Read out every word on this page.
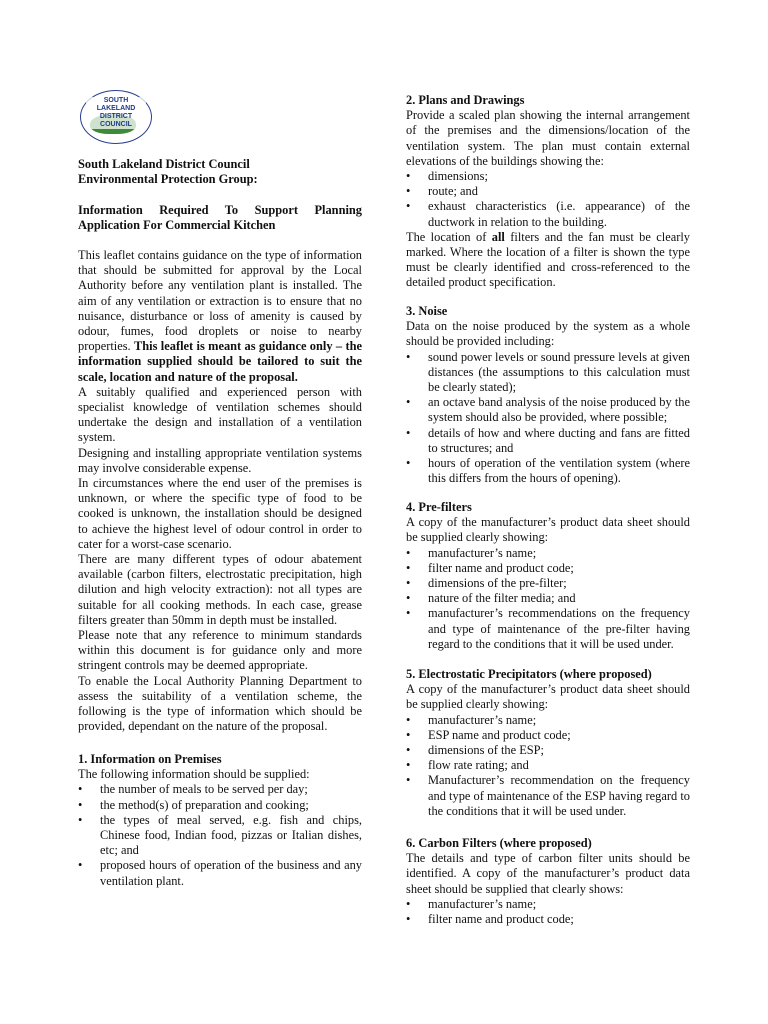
SOUTH
LAKELAND
DISTRICT
COUNCIL
South Lakeland District Council
Environmental Protection Group:
Information Required To Support Planning
Application For Commercial Kitchen

This leaflet contains guidance on the type of information that should be submitted for approval by the Local Authority before any ventilation plant is installed. The aim of any ventilation or extraction is to ensure that no nuisance, disturbance or loss of amenity is caused by odour, fumes, food droplets or noise to nearby properties. This leaflet is meant as guidance only – the information supplied should be tailored to suit the scale, location and nature of the proposal.

A suitably qualified and experienced person with specialist knowledge of ventilation schemes should undertake the design and installation of a ventilation system.

Designing and installing appropriate ventilation systems may involve considerable expense.

In circumstances where the end user of the premises is unknown, or where the specific type of food to be cooked is unknown, the installation should be designed to achieve the highest level of odour control in order to cater for a worst-case scenario.

There are many different types of odour abatement available (carbon filters, electrostatic precipitation, high dilution and high velocity extraction): not all types are suitable for all cooking methods. In each case, grease filters greater than 50mm in depth must be installed.

Please note that any reference to minimum standards within this document is for guidance only and more stringent controls may be deemed appropriate.

To enable the Local Authority Planning Department to assess the suitability of a ventilation scheme, the following is the type of information which should be provided, dependant on the nature of the proposal.

1. Information on Premises

The following information should be supplied:

• the number of meals to be served per day;
• the method(s) of preparation and cooking;
• the types of meal served, e.g. fish and chips, Chinese food, Indian food, pizzas or Italian dishes, etc; and
• proposed hours of operation of the business and any ventilation plant.
2. Plans and Drawings

Provide a scaled plan showing the internal arrangement of the premises and the dimensions/location of the ventilation system. The plan must contain external elevations of the buildings showing the:

• dimensions;
• route; and
• exhaust characteristics (i.e. appearance) of the ductwork in relation to the building.

The location of all filters and the fan must be clearly marked. Where the location of a filter is shown the type must be clearly identified and cross-referenced to the detailed product specification.

3. Noise

Data on the noise produced by the system as a whole should be provided including:

• sound power levels or sound pressure levels at given distances (the assumptions to this calculation must be clearly stated);
• an octave band analysis of the noise produced by the system should also be provided, where possible;
• details of how and where ducting and fans are fitted to structures; and
• hours of operation of the ventilation system (where this differs from the hours of opening).
4. Pre-filters

A copy of the manufacturer’s product data sheet should be supplied clearly showing:

• manufacturer’s name;
• filter name and product code;
• dimensions of the pre-filter;
• nature of the filter media; and
• manufacturer’s recommendations on the frequency and type of maintenance of the pre-filter having regard to the conditions that it will be used under.
5. Electrostatic Precipitators (where proposed)

A copy of the manufacturer’s product data sheet should be supplied clearly showing:

• manufacturer’s name;
• ESP name and product code;
• dimensions of the ESP;
• flow rate rating; and
• Manufacturer’s recommendation on the frequency and type of maintenance of the ESP having regard to the conditions that it will be used under.
6. Carbon Filters (where proposed)

The details and type of carbon filter units should be identified. A copy of the manufacturer’s product data sheet should be supplied that clearly shows:

• manufacturer’s name;
• filter name and product code;
